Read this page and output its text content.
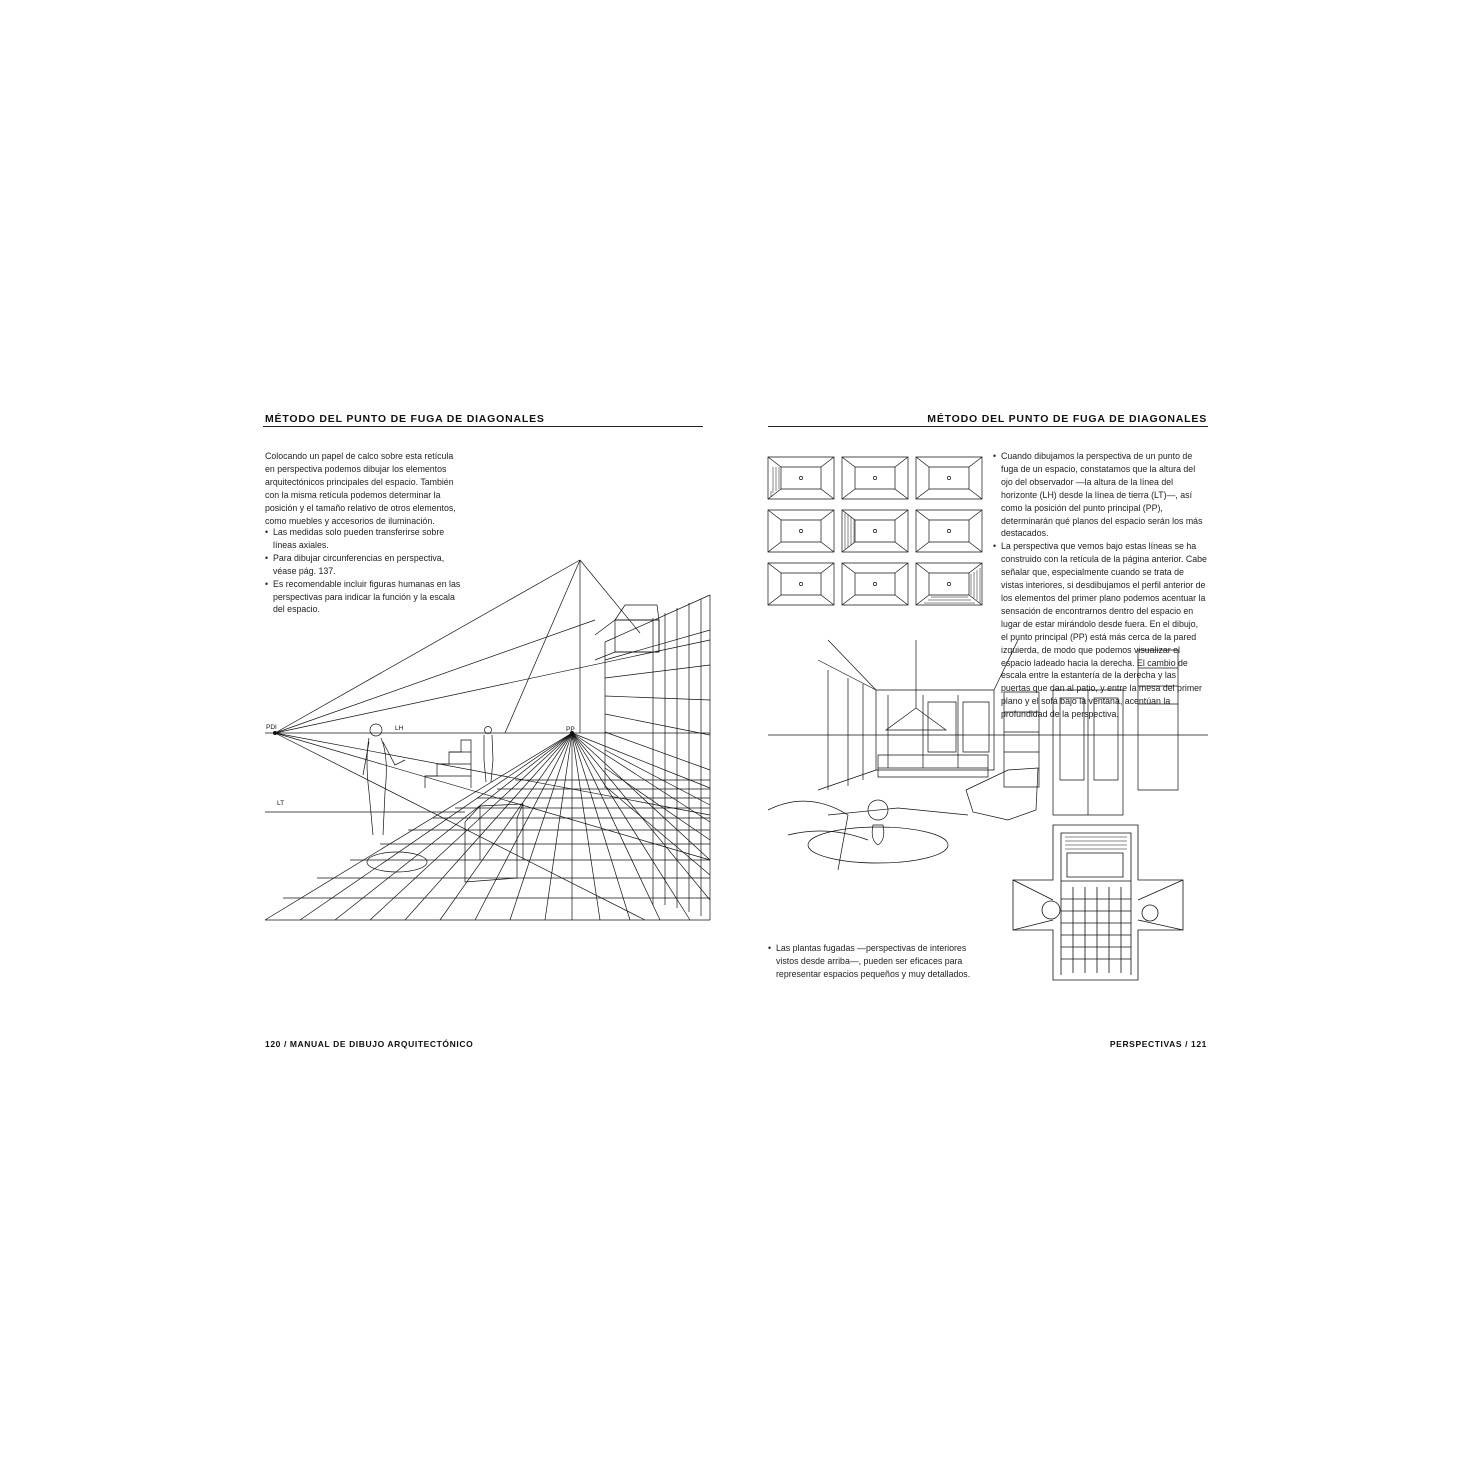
MÉTODO DEL PUNTO DE FUGA DE DIAGONALES
Colocando un papel de calco sobre esta retícula en perspectiva podemos dibujar los elementos arquitectónicos principales del espacio. También con la misma retícula podemos determinar la posición y el tamaño relativo de otros elementos, como muebles y accesorios de iluminación.
• Las medidas solo pueden transferirse sobre líneas axiales.
• Para dibujar circunferencias en perspectiva, véase pág. 137.
• Es recomendable incluir figuras humanas en las perspectivas para indicar la función y la escala del espacio.
PDI	LH	PP
LT
120 / MANUAL DE DIBUJO ARQUITECTÓNICO
MÉTODO DEL PUNTO DE FUGA DE DIAGONALES
• Cuando dibujamos la perspectiva de un punto de fuga de un espacio, constatamos que la altura del ojo del observador —la altura de la línea del horizonte (LH) desde la línea de tierra (LT)—, así como la posición del punto principal (PP), determinarán qué planos del espacio serán los más destacados.
• La perspectiva que vemos bajo estas líneas se ha construido con la retícula de la página anterior. Cabe señalar que, especialmente cuando se trata de vistas interiores, si desdibujamos el perfil anterior de los elementos del primer plano podemos acentuar la sensación de encontrarnos dentro del espacio en lugar de estar mirándolo desde fuera. En el dibujo, el punto principal (PP) está más cerca de la pared izquierda, de modo que podemos visualizar el espacio ladeado hacia la derecha. El cambio de escala entre la estantería de la derecha y las puertas que dan al patio, y entre la mesa del primer plano y el sofá bajo la ventana, acentúan la profundidad de la perspectiva.
• Las plantas fugadas —perspectivas de interiores vistos desde arriba—, pueden ser eficaces para representar espacios pequeños y muy detallados.
PERSPECTIVAS / 121
